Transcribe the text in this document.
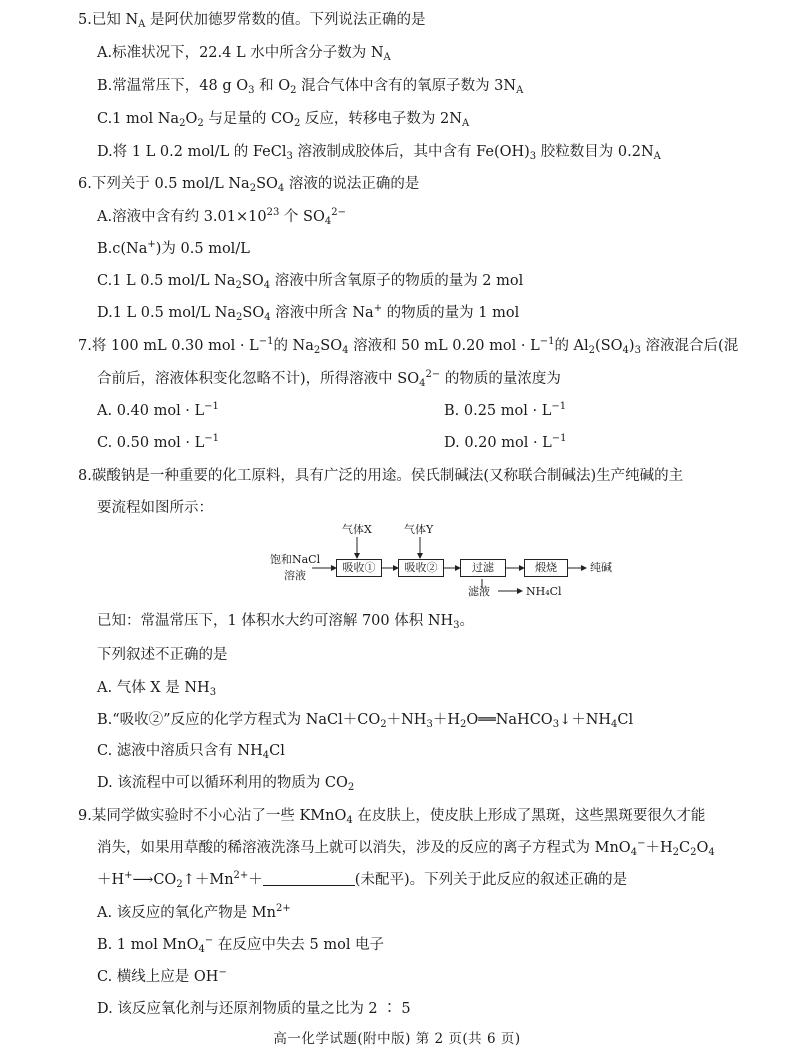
5.已知 $N_A$ 是阿伏加德罗常数的值。下列说法正确的是
A.标准状况下，22.4 L 水中所含分子数为 $N_A$
B.常温常压下，48 g $O_3$ 和 $O_2$ 混合气体中含有的氧原子数为 $3N_A$
C.1 mol $Na_2O_2$ 与足量的 $CO_2$ 反应，转移电子数为 $2N_A$
D.将 1 L 0.2 mol/L 的 FeCl$_3$ 溶液制成胶体后，其中含有 $Fe(OH)_3$ 胶粒数目为 $0.2N_A$
6.下列关于 0.5 mol/L $Na_2SO_4$ 溶液的说法正确的是
A.溶液中含有约 $3.01\times 10^{23}$ 个 $SO_4^{2-}$
B.c(Na+)为 0.5 mol/L
C.1 L 0.5 mol/L $Na_2SO_4$ 溶液中所含氧原子的物质的量为 2 mol
D.1 L 0.5 mol/L $Na_2SO_4$ 溶液中所含 Na+ 的物质的量为 1 mol
7.将 100 mL 0.30 mol · $L^{-1}$的 $Na_2SO_4$ 溶液和 50 mL 0.20 mol · $L^{-1}$的 $Al_2(SO_4)_3$ 溶液混合后(混
合前后，溶液体积变化忽略不计)，所得溶液中 $SO_4^{2-}$ 的物质的量浓度为
A. 0.40 mol · $L^{-1}$	B. 0.25 mol · $L^{-1}$
C. 0.50 mol · $L^{-1}$	D. 0.20 mol · $L^{-1}$
8.碳酸钠是一种重要的化工原料，具有广泛的用途。侯氏制碱法(又称联合制碱法)生产纯碱的主
要流程如图所示：
饱和NaCl
溶液
气体X	气体Y
吸收①	吸收②	过滤	煅烧	纯碱
滤液	NH₄Cl
已知：常温常压下，1 体积水大约可溶解 700 体积 $NH_3$。
下列叙述不正确的是
A. 气体 X 是 $NH_3$
B.“吸收②”反应的化学方程式为 $NaCl+CO_2+NH_3+H_2O══NaHCO_3↓+NH_4Cl$
C. 滤液中溶质只含有 $NH_4Cl$
D. 该流程中可以循环利用的物质为 $CO_2$
9.某同学做实验时不小心沾了一些 KMnO$_4$ 在皮肤上，使皮肤上形成了黑斑，这些黑斑要很久才能
消失，如果用草酸的稀溶液洗涤马上就可以消失，涉及的反应的离子方程式为 $MnO_4^-+H_2C_2O_4$
$+H^+⟶CO_2↑+Mn^{2+}+$	(未配平)。下列关于此反应的叙述正确的是
A. 该反应的氧化产物是 $Mn^{2+}$
B. 1 mol MnO$_4$− 在反应中失去 5 mol 电子
C. 横线上应是 OH−
D. 该反应氧化剂与还原剂物质的量之比为 2 ∶ 5
高一化学试题(附中版) 第 2 页(共 6 页)
